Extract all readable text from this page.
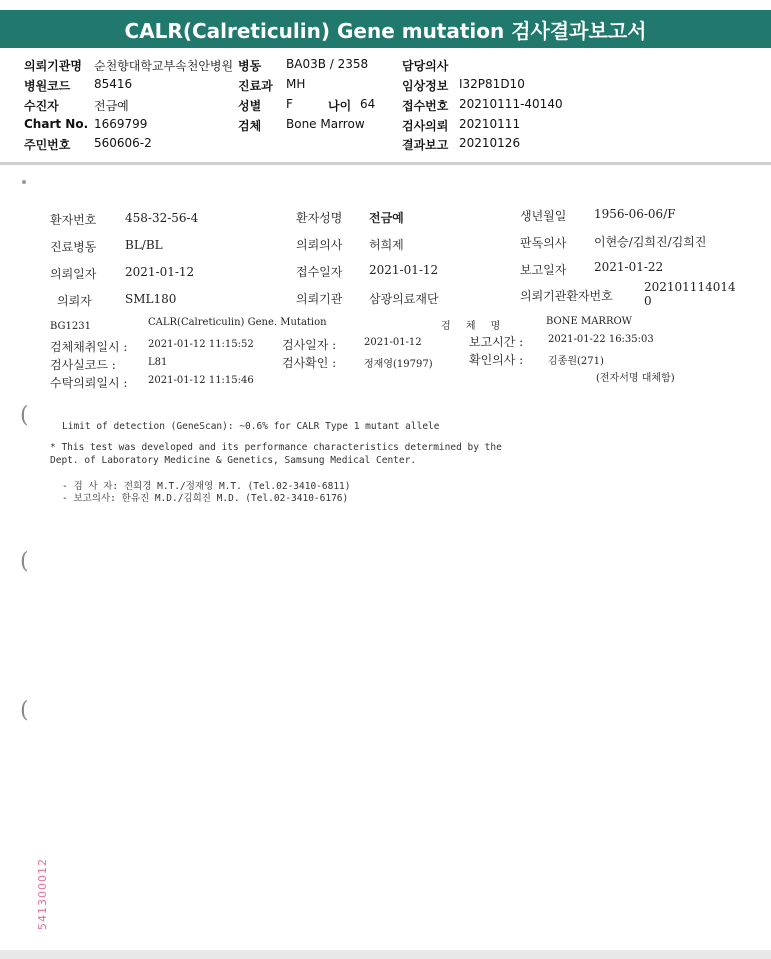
CALR(Calreticulin) Gene mutation 검사결과보고서
의뢰기관명 순천향대학교부속천안병원 병동 BA03B / 2358	담당의사
병원코드 85416	진료과 MH	임상정보 I32P81D10
수진자	전금예	성별 F	나이 64 접수번호 20210111-40140
Chart No. 1669799	검체 Bone Marrow	검사의뢰 20210111
주민번호 560606-2	결과보고 20210126
환자번호 458-32-56-4	환자성명 전금예	생년월일 1956-06-06/F
진료병동 BL/BL	의뢰의사 허희제	판독의사 이현승/김희진/김희진
의뢰일자 2021-01-12	접수일자 2021-01-12	보고일자 2021-01-22
의뢰자	SML180	의뢰기관 삼광의료재단	의뢰기관환자번호
202101114014
0
BG1231	CALR(Calreticulin) Gene. Mutation	검 체 명	BONE MARROW
검체채취일시 : 2021-01-12 11:15:52 검사일자 :	2021-01-12	보고시간 : 2021-01-22 16:35:03
검사실코드 :	L81	검사확인 :	정재영(19797)	확인의사 : 김종원(271)
수탁의뢰일시 : 2021-01-12 11:15:46	(전자서명 대체함)
(	Limit of detection (GeneScan): ~0.6% for CALR Type 1 mutant allele
* This test was developed and its performance characteristics determined by the
Dept. of Laboratory Medicine & Genetics, Samsung Medical Center.
- 검 사 자: 전희경 M.T./정재영 M.T. (Tel.02-3410-6811)
- 보고의사: 한유진 M.D./김희진 M.D. (Tel.02-3410-6176)
(
(
541300012
